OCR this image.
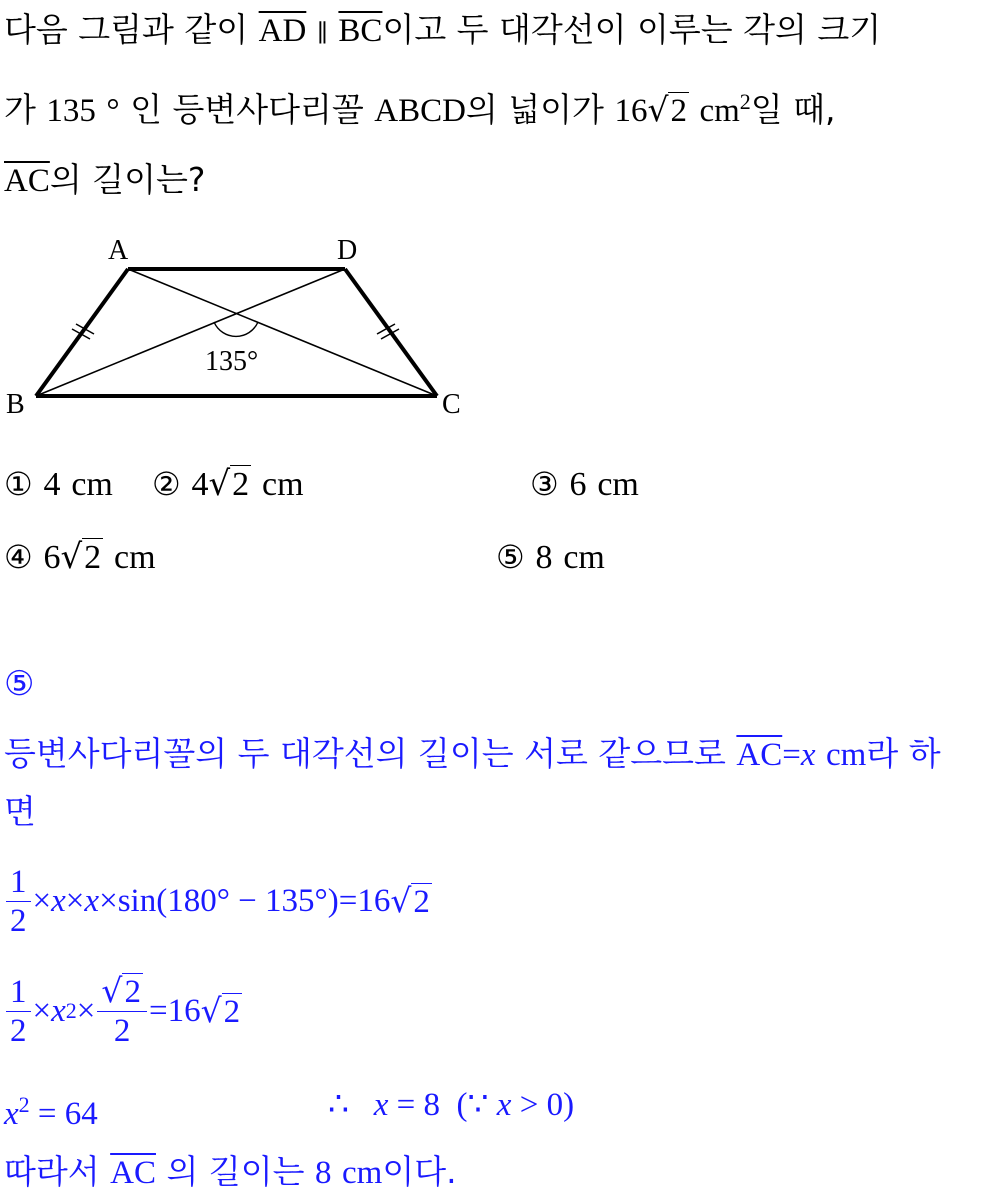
다음 그림과 같이 $\overline{AD}$ ∥ $\overline{BC}$이고 두 대각선이 이루는 각의 크기
가 135 ° 인 등변사다리꼴 ABCD의 넓이가 16√2 $cm^2$일 때,
$\overline{AC}$의 길이는?
A	D
B	C
135°
① 4 cm ② 4√2 cm	③ 6 cm
④ 6√2 cm	⑤ 8 cm
⑤
등변사다리꼴의 두 대각선의 길이는 서로 같으므로 $\overline{AC}=x$ cm라 하
면
$\frac{1}{2} \times x \times x \times \sin$ ( 180° − 135° ) = 16 √2
$\frac{1}{2} \times x$ $2 \times \frac{√2}{2} = 16$ √2
$x^2 = 64$	∴ x = 8  (∵ x > 0)
따라서 $\overline{AC}$ 의 길이는 8 cm이다.
